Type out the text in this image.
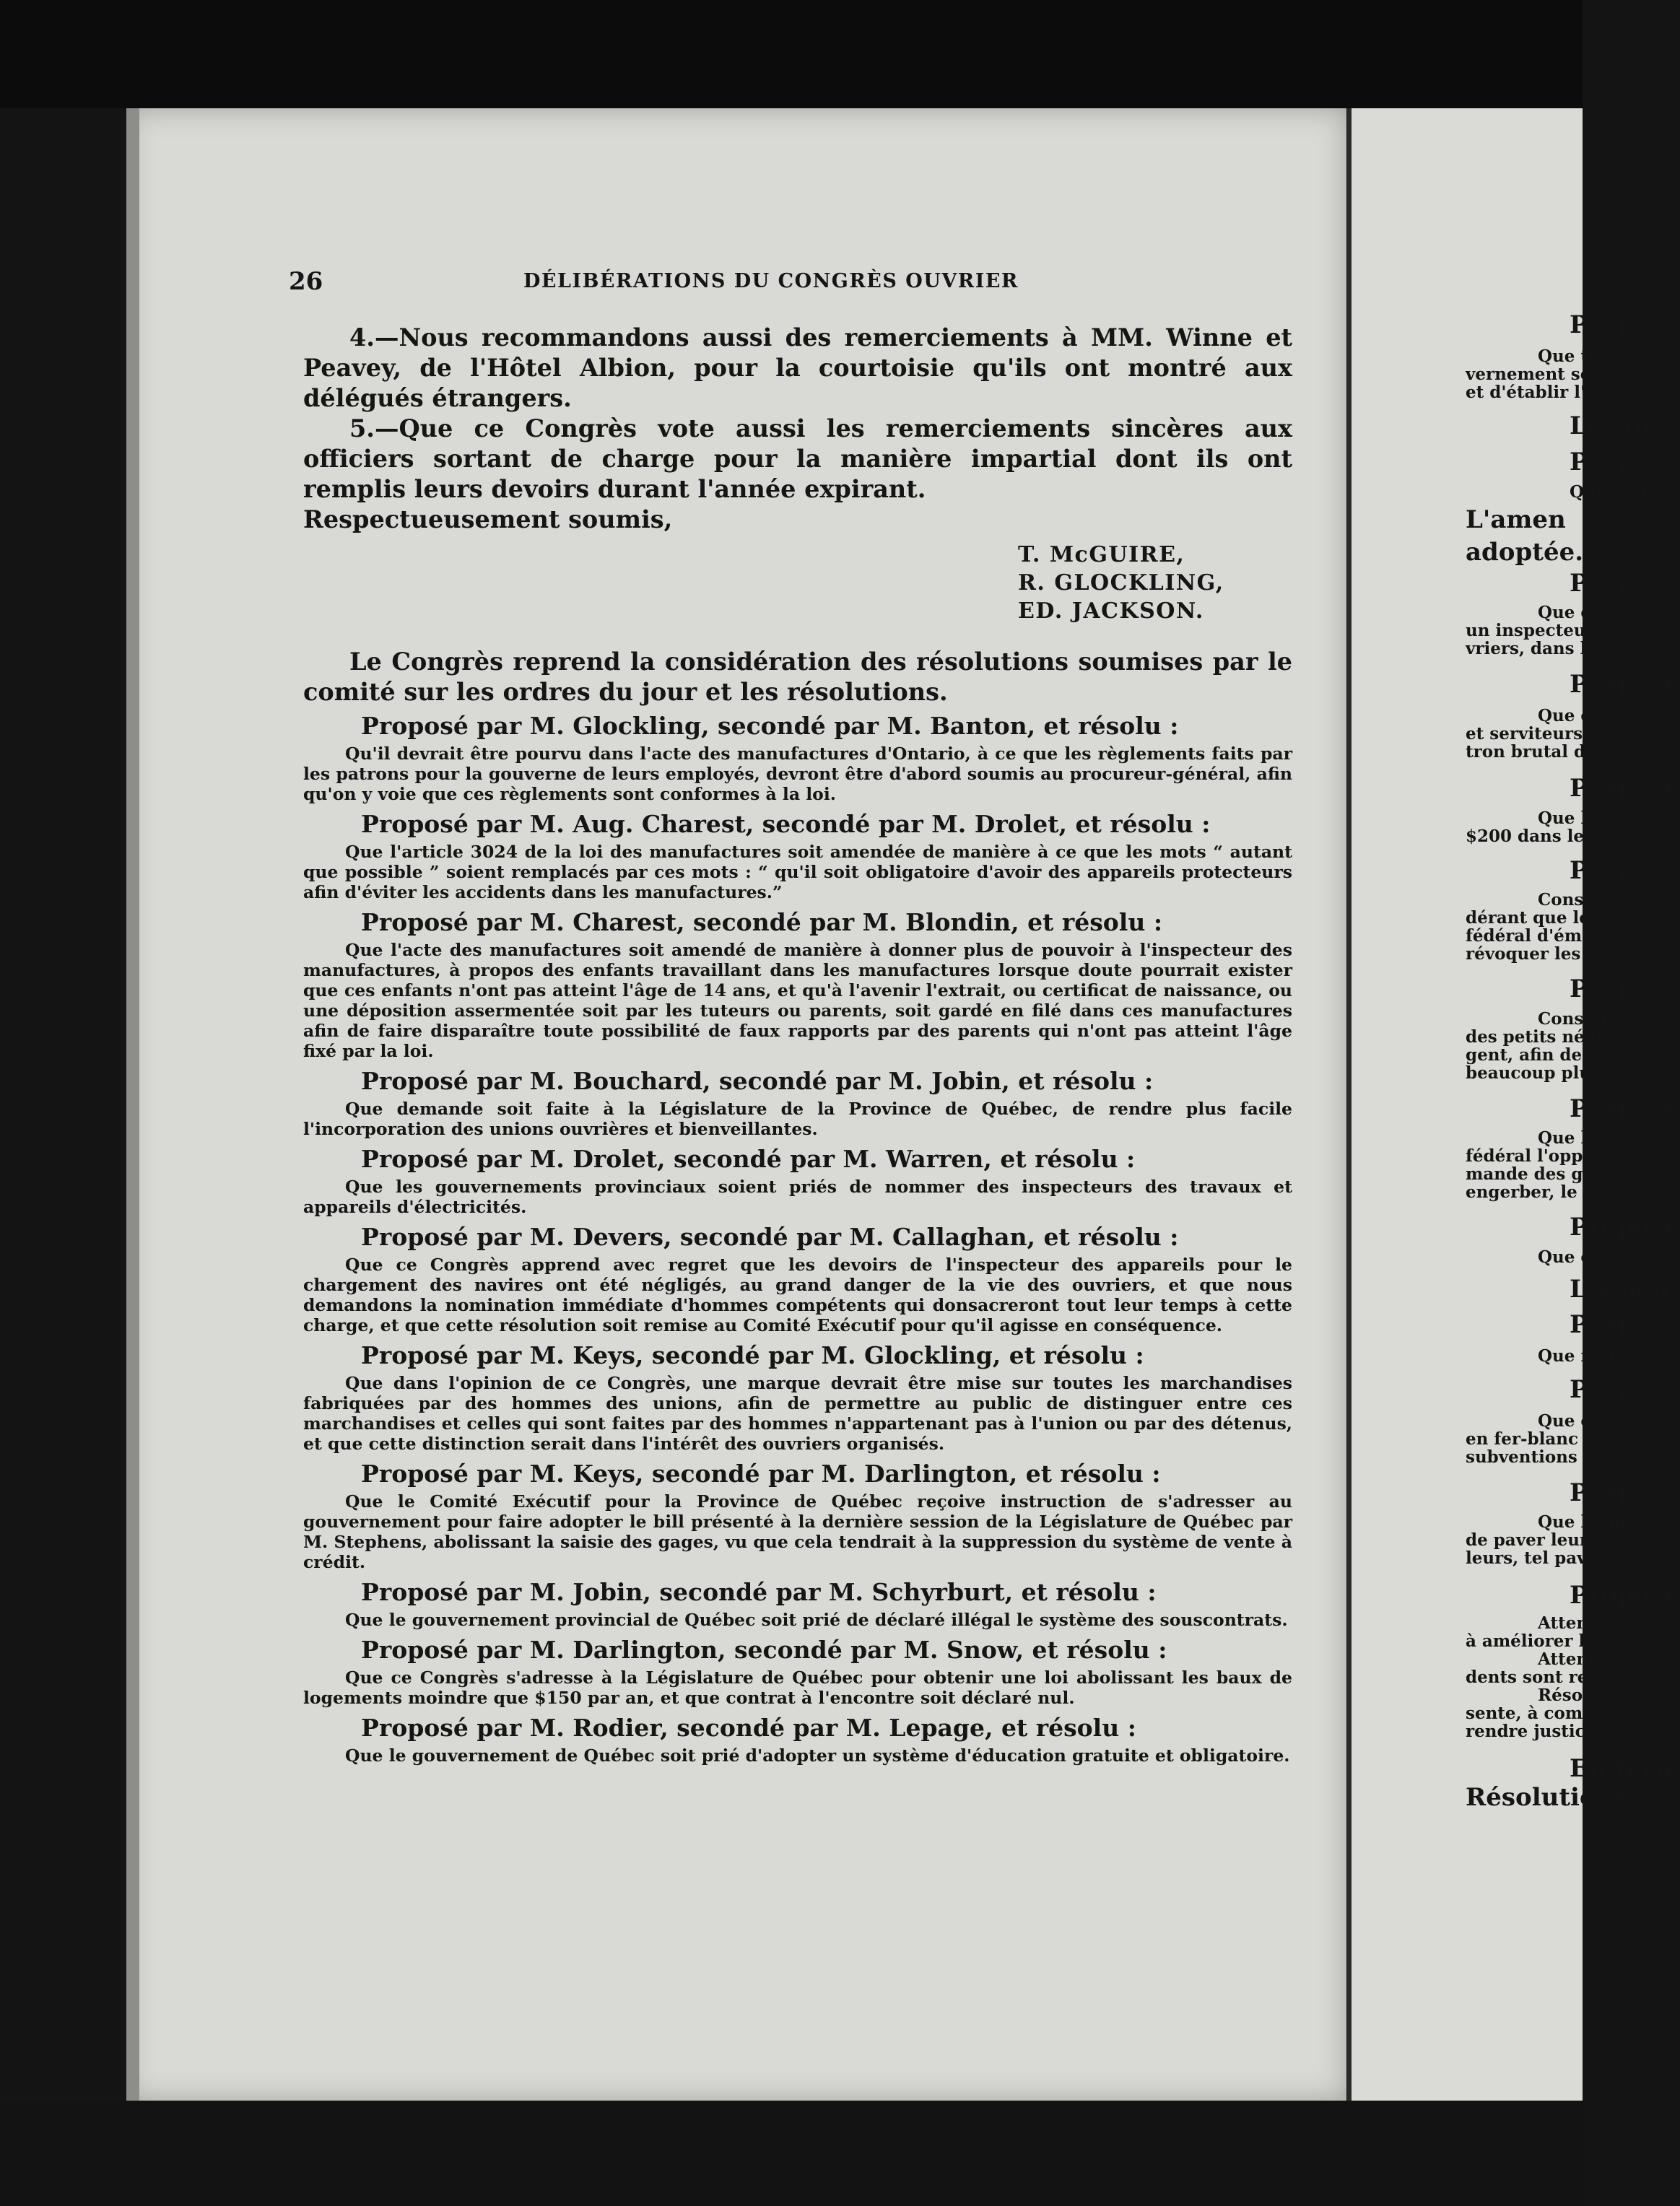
26	DÉLIBÉRATIONS DU CONGRÈS OUVRIER

4.—Nous recommandons aussi des remerciements à MM. Winne et Peavey, de l'Hôtel Albion, pour la courtoisie qu'ils ont montré aux délégués étrangers.

5.—Que ce Congrès vote aussi les remerciements sincères aux officiers sortant de charge pour la manière impartial dont ils ont remplis leurs devoirs durant l'année expirant.

Respectueusement soumis,

T. McGUIRE,
R. GLOCKLING,
ED. JACKSON.

Le Congrès reprend la considération des résolutions soumises par le comité sur les ordres du jour et les résolutions.

Proposé par M. Glockling, secondé par M. Banton, et résolu :

Qu'il devrait être pourvu dans l'acte des manufactures d'Ontario, à ce que les règlements faits par les patrons pour la gouverne de leurs employés, devront être d'abord soumis au procureur-général, afin qu'on y voie que ces règlements sont conformes à la loi.

Proposé par M. Aug. Charest, secondé par M. Drolet, et résolu :

Que l'article 3024 de la loi des manufactures soit amendée de manière à ce que les mots “ autant que possible ” soient remplacés par ces mots : “ qu'il soit obligatoire d'avoir des appareils protecteurs afin d'éviter les accidents dans les manufactures.”

Proposé par M. Charest, secondé par M. Blondin, et résolu :

Que l'acte des manufactures soit amendé de manière à donner plus de pouvoir à l'inspecteur des manufactures, à propos des enfants travaillant dans les manufactures lorsque doute pourrait exister que ces enfants n'ont pas atteint l'âge de 14 ans, et qu'à l'avenir l'extrait, ou certificat de naissance, ou une déposition assermentée soit par les tuteurs ou parents, soit gardé en filé dans ces manufactures afin de faire disparaître toute possibilité de faux rapports par des parents qui n'ont pas atteint l'âge fixé par la loi.

Proposé par M. Bouchard, secondé par M. Jobin, et résolu :

Que demande soit faite à la Législature de la Province de Québec, de rendre plus facile l'incorporation des unions ouvrières et bienveillantes.

Proposé par M. Drolet, secondé par M. Warren, et résolu :

Que les gouvernements provinciaux soient priés de nommer des inspecteurs des travaux et appareils d'électricités.

Proposé par M. Devers, secondé par M. Callaghan, et résolu :

Que ce Congrès apprend avec regret que les devoirs de l'inspecteur des appareils pour le chargement des navires ont été négligés, au grand danger de la vie des ouvriers, et que nous demandons la nomination immédiate d'hommes compétents qui donsacreront tout leur temps à cette charge, et que cette résolution soit remise au Comité Exécutif pour qu'il agisse en conséquence.

Proposé par M. Keys, secondé par M. Glockling, et résolu :

Que dans l'opinion de ce Congrès, une marque devrait être mise sur toutes les marchandises fabriquées par des hommes des unions, afin de permettre au public de distinguer entre ces marchandises et celles qui sont faites par des hommes n'appartenant pas à l'union ou par des détenus, et que cette distinction serait dans l'intérêt des ouvriers organisés.

Proposé par M. Keys, secondé par M. Darlington, et résolu :

Que le Comité Exécutif pour la Province de Québec reçoive instruction de s'adresser au gouvernement pour faire adopter le bill présenté à la dernière session de la Législature de Québec par M. Stephens, abolissant la saisie des gages, vu que cela tendrait à la suppression du système de vente à crédit.

Proposé par M. Jobin, secondé par M. Schyrburt, et résolu :

Que le gouvernement provincial de Québec soit prié de déclaré illégal le système des souscontrats.

Proposé par M. Darlington, secondé par M. Snow, et résolu :

Que ce Congrès s'adresse à la Législature de Québec pour obtenir une loi abolissant les baux de logements moindre que $150 par an, et que contrat à l'encontre soit déclaré nul.

Proposé par M. Rodier, secondé par M. Lepage, et résolu :

Que le gouvernement de Québec soit prié d'adopter un système d'éducation gratuite et obligatoire.

Propos
Que tous
vernement soit
et d'établir l'é
Le vote
Propos
Que le m
L'amen
adoptée.
Propos
Que dema
un inspecteur
vriers, dans le
Propose
Que ce Co
et serviteurs, t
tron brutal de
Propose
Que la lég
$200 dans les v
Propos
Considéra
dérant que le g
fédéral d'émet
révoquer les cl
Propose
Considéra
des petits négo
gent, afin de pe
beaucoup plus
Propose
Que le Co
fédéral l'oppo
mande des gra
engerber, le fil
Propose
Que ce Co
L'amen
Propos
Que nous
Propose
Que ce Co
en fer-blanc d
subventions d
Propos
Que le go
de paver leurs
leurs, tel pava
Propose
Attendu
à améliorer le
Attendu
dents sont rest
Résolu, qu
sente, à comba
rendre justice.
En tern
Résolutions
